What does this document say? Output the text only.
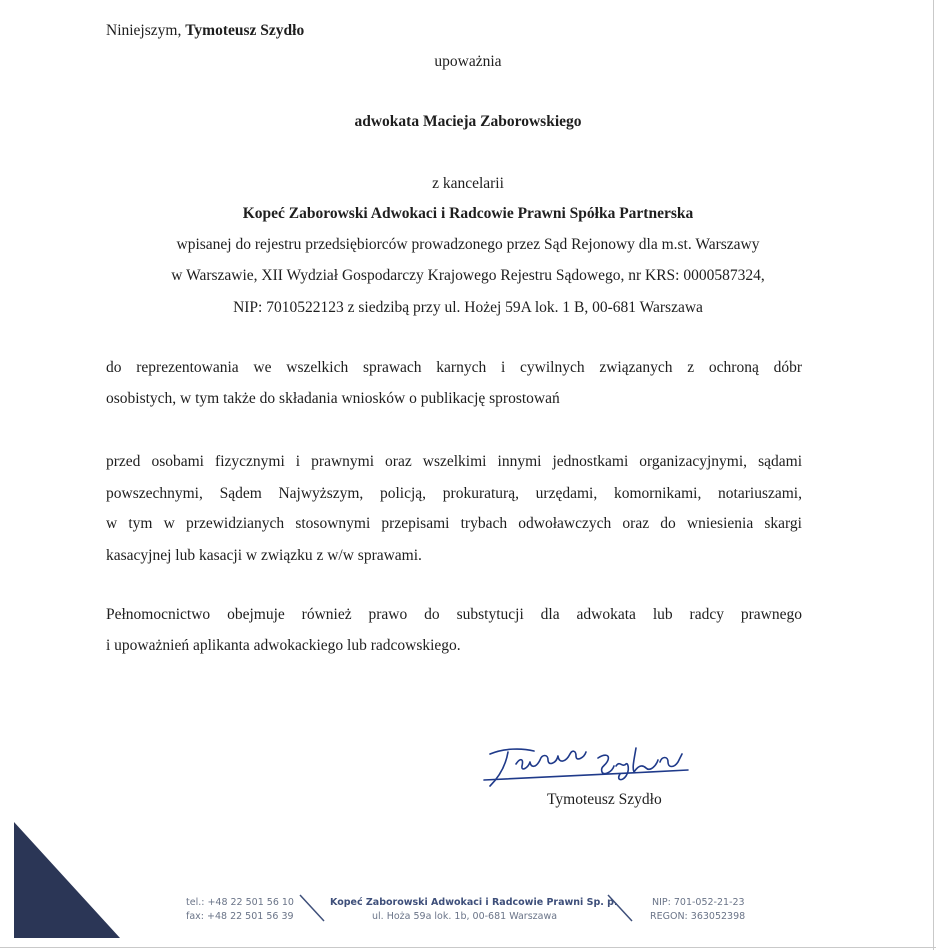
Niniejszym, Tymoteusz Szydło
upoważnia
adwokata Macieja Zaborowskiego
z kancelarii
Kopeć Zaborowski Adwokaci i Radcowie Prawni Spółka Partnerska
wpisanej do rejestru przedsiębiorców prowadzonego przez Sąd Rejonowy dla m.st. Warszawy
w Warszawie, XII Wydział Gospodarczy Krajowego Rejestru Sądowego, nr KRS: 0000587324,
NIP: 7010522123 z siedzibą przy ul. Hożej 59A lok. 1 B, 00-681 Warszawa
do reprezentowania we wszelkich sprawach karnych i cywilnych związanych z ochroną dóbr
osobistych, w tym także do składania wniosków o publikację sprostowań
przed osobami fizycznymi i prawnymi oraz wszelkimi innymi jednostkami organizacyjnymi, sądami
powszechnymi, Sądem Najwyższym, policją, prokuraturą, urzędami, komornikami, notariuszami,
w tym w przewidzianych stosownymi przepisami trybach odwoławczych oraz do wniesienia skargi
kasacyjnej lub kasacji w związku z w/w sprawami.
Pełnomocnictwo obejmuje również prawo do substytucji dla adwokata lub radcy prawnego
i upoważnień aplikanta adwokackiego lub radcowskiego.
Tymoteusz Szydło
tel.: +48 22 501 56 10
fax: +48 22 501 56 39
Kopeć Zaborowski Adwokaci i Radcowie Prawni Sp. p.
ul. Hoża 59a lok. 1b, 00-681 Warszawa
NIP: 701-052-21-23
REGON: 363052398
